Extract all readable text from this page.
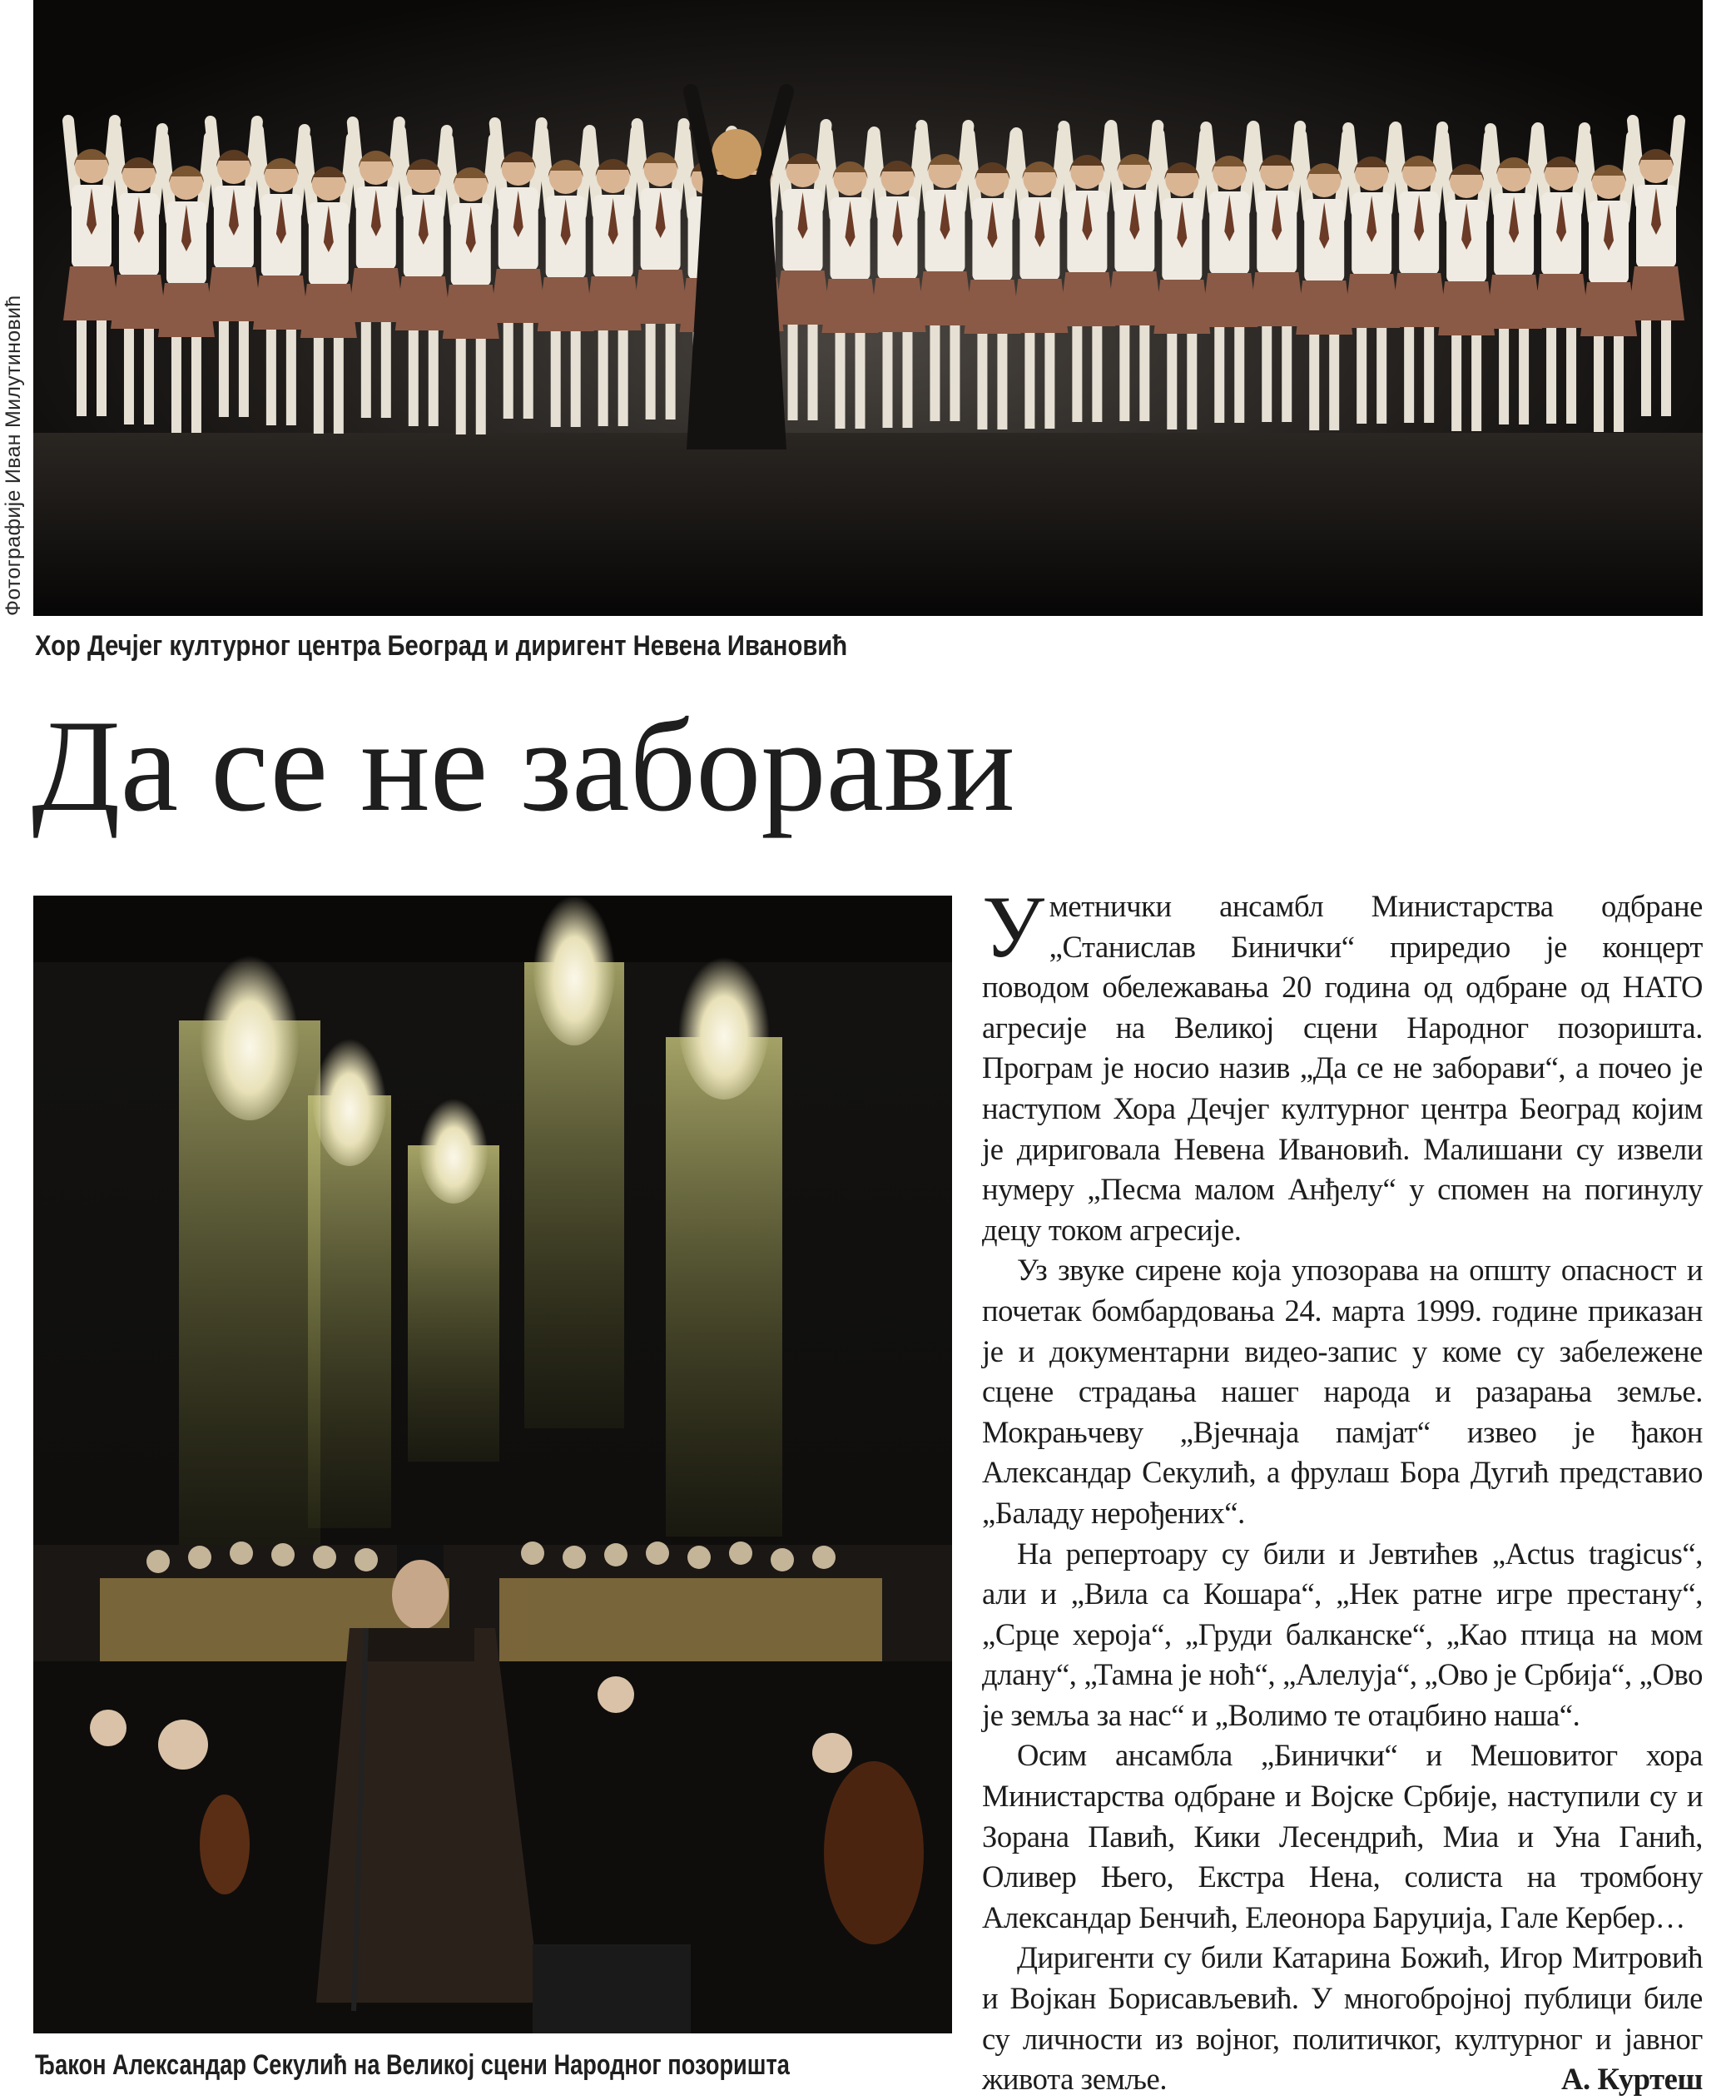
Фотографије Иван Милутиновић
Хор Дечјег културног центра Београд и диригент Невена Ивановић
Да се не заборави
Ђакон Александар Секулић на Великој сцени Народног позоришта

Уметнички ансамбл Министарства одбране „Станислав Бинички“ приредио је концерт поводом обележавања 20 година од одбране од НАТО агресије на Великој сцени Народног позоришта. Програм је носио назив „Да се не заборави“, а почео је наступом Хора Дечјег културног центра Београд којим је дириговала Невена Ивановић. Малишани су извели нумеру „Песма малом Анђелу“ у спомен на погинулу децу током агресије.

Уз звуке сирене која упозорава на општу опасност и почетак бомбардовања 24. марта 1999. године приказан је и документарни видео-запис у коме су забележене сцене страдања нашег народа и разарања земље. Мокрањчеву „Вјечнаја памјат“ извео је ђакон Александар Секулић, а фрулаш Бора Дугић представио „Баладу нерођених“.

На репертоару су били и Јевтићев „Actus tragicus“, али и „Вила са Кошара“, „Нек ратне игре престану“, „Срце хероја“, „Груди балканске“, „Као птица на мом длану“, „Тамна је ноћ“, „Алелуја“, „Ово је Србија“, „Ово је земља за нас“ и „Волимо те отаџбино наша“.

Осим ансамбла „Бинички“ и Мешовитог хора Министарства одбране и Војске Србије, наступили су и Зорана Павић, Кики Лесендрић, Миа и Уна Ганић, Оливер Њего, Екстра Нена, солиста на тромбону Александар Бенчић, Елеонора Баруџија, Гале Кербер…

Диригенти су били Катарина Божић, Игор Митровић и Војкан Борисављевић. У многобројној публици биле су личности из војног, политичког, културног и јавног живота земље.	А. Куртеш
